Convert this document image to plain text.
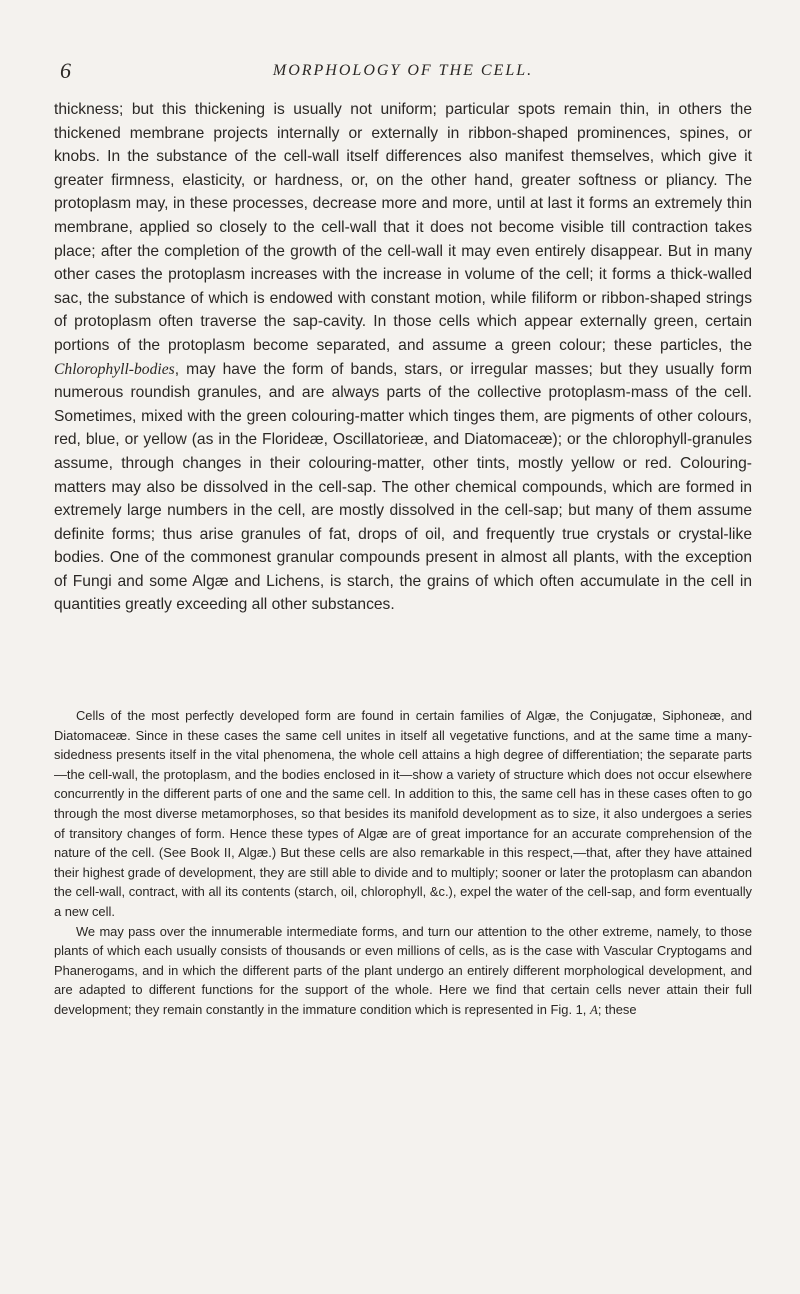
6	MORPHOLOGY OF THE CELL.

thickness; but this thickening is usually not uniform; particular spots remain thin, in others the thickened membrane projects internally or externally in ribbon-shaped prominences, spines, or knobs. In the substance of the cell-wall itself differences also manifest themselves, which give it greater firmness, elasticity, or hardness, or, on the other hand, greater softness or pliancy. The protoplasm may, in these processes, decrease more and more, until at last it forms an extremely thin membrane, applied so closely to the cell-wall that it does not become visible till contraction takes place; after the completion of the growth of the cell-wall it may even entirely disappear. But in many other cases the protoplasm increases with the increase in volume of the cell; it forms a thick-walled sac, the substance of which is endowed with constant motion, while filiform or ribbon-shaped strings of protoplasm often traverse the sap-cavity. In those cells which appear externally green, certain portions of the protoplasm become separated, and assume a green colour; these particles, the Chlorophyll-bodies, may have the form of bands, stars, or irregular masses; but they usually form numerous roundish granules, and are always parts of the collective protoplasm-mass of the cell. Sometimes, mixed with the green colouring-matter which tinges them, are pigments of other colours, red, blue, or yellow (as in the Florideæ, Oscillatorieæ, and Diatomaceæ); or the chlorophyll-granules assume, through changes in their colouring-matter, other tints, mostly yellow or red. Colouring-matters may also be dissolved in the cell-sap. The other chemical compounds, which are formed in extremely large numbers in the cell, are mostly dissolved in the cell-sap; but many of them assume definite forms; thus arise granules of fat, drops of oil, and frequently true crystals or crystal-like bodies. One of the commonest granular compounds present in almost all plants, with the exception of Fungi and some Algæ and Lichens, is starch, the grains of which often accumulate in the cell in quantities greatly exceeding all other substances.

Cells of the most perfectly developed form are found in certain families of Algæ, the Conjugatæ, Siphoneæ, and Diatomaceæ. Since in these cases the same cell unites in itself all vegetative functions, and at the same time a many-sidedness presents itself in the vital phenomena, the whole cell attains a high degree of differentiation; the separate parts—the cell-wall, the protoplasm, and the bodies enclosed in it—show a variety of structure which does not occur elsewhere concurrently in the different parts of one and the same cell. In addition to this, the same cell has in these cases often to go through the most diverse metamorphoses, so that besides its manifold development as to size, it also undergoes a series of transitory changes of form. Hence these types of Algæ are of great importance for an accurate comprehension of the nature of the cell. (See Book II, Algæ.) But these cells are also remarkable in this respect,—that, after they have attained their highest grade of development, they are still able to divide and to multiply; sooner or later the protoplasm can abandon the cell-wall, contract, with all its contents (starch, oil, chlorophyll, &c.), expel the water of the cell-sap, and form eventually a new cell.

We may pass over the innumerable intermediate forms, and turn our attention to the other extreme, namely, to those plants of which each usually consists of thousands or even millions of cells, as is the case with Vascular Cryptogams and Phanerogams, and in which the different parts of the plant undergo an entirely different morphological development, and are adapted to different functions for the support of the whole. Here we find that certain cells never attain their full development; they remain constantly in the immature condition which is represented in Fig. 1, A; these
